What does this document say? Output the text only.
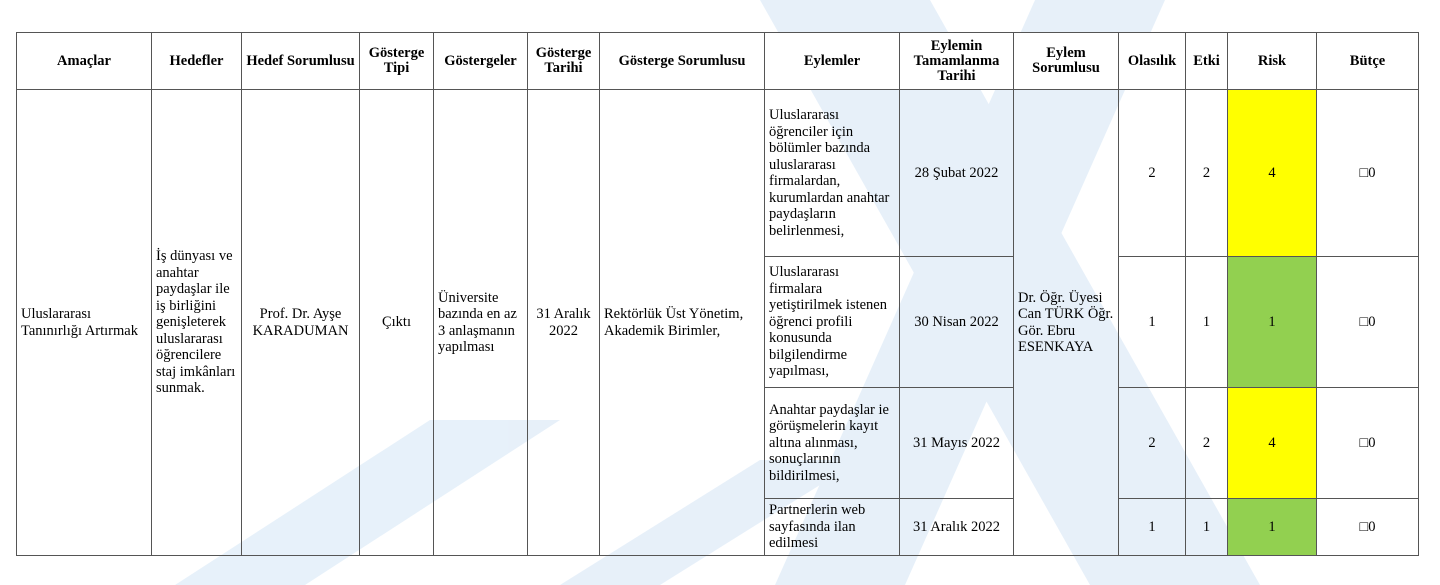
Amaçlar	Hedefler	Hedef Sorumlusu	Gösterge Tipi	Göstergeler	Gösterge Tarihi	Gösterge Sorumlusu	Eylemler	Eylemin Tamamlanma Tarihi	Eylem Sorumlusu	Olasılık	Etki	Risk	Bütçe
Uluslararası Tanınırlığı Artırmak	İş dünyası ve anahtar paydaşlar ile iş birliğini genişleterek uluslararası öğrencilere staj imkânları sunmak.	Prof. Dr. Ayşe KARADUMAN	Çıktı	Üniversite bazında en az 3 anlaşmanın yapılması	31 Aralık 2022	Rektörlük Üst Yönetim, Akademik Birimler,	Uluslararası öğrenciler için bölümler bazında uluslararası firmalardan, kurumlardan anahtar paydaşların belirlenmesi,	28 Şubat 2022	Dr. Öğr. Üyesi Can TÜRK Öğr. Gör. Ebru ESENKAYA	2	2	4	□0
							Uluslararası firmalara yetiştirilmek istenen öğrenci profili konusunda bilgilendirme yapılması,	30 Nisan 2022		1	1	1	□0
							Anahtar paydaşlar ie görüşmelerin kayıt altına alınması, sonuçlarının bildirilmesi,	31 Mayıs 2022		2	2	4	□0
							Partnerlerin web sayfasında ilan edilmesi	31 Aralık 2022		1	1	1	□0
